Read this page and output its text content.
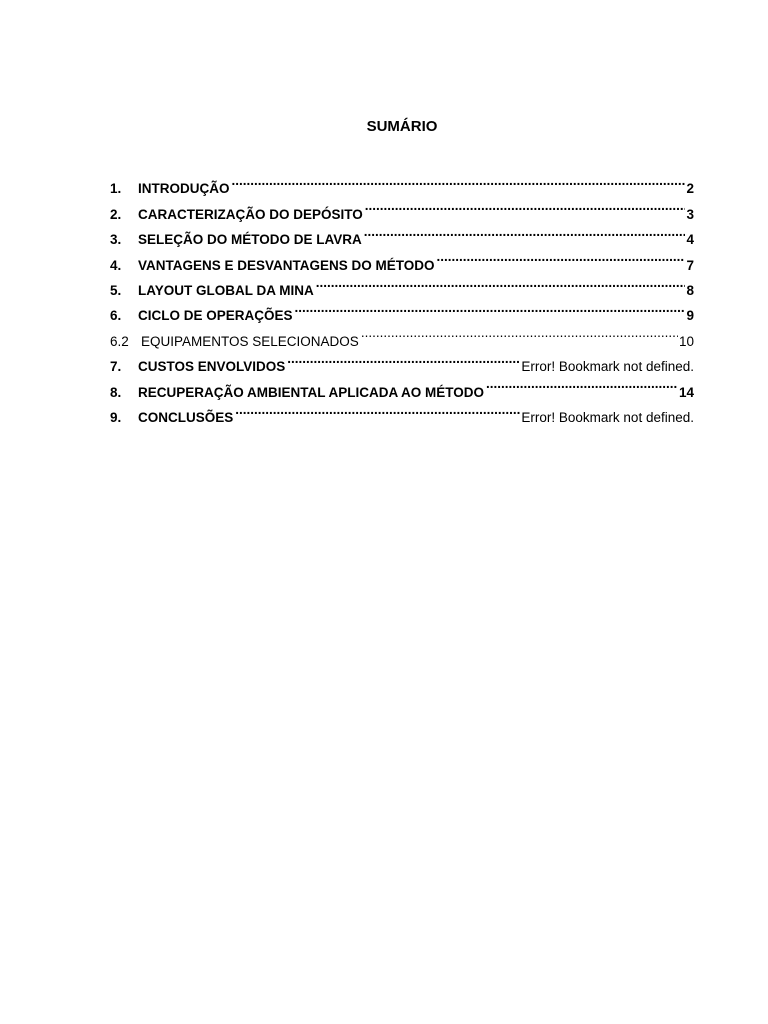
SUMÁRIO
1.	INTRODUÇÃO .....	2
2.	CARACTERIZAÇÃO DO DEPÓSITO .....	3
3.	SELEÇÃO DO MÉTODO DE LAVRA .....	4
4.	VANTAGENS E DESVANTAGENS DO MÉTODO .....	7
5.	LAYOUT GLOBAL DA MINA .....	8
6.	CICLO DE OPERAÇÕES .....	9
6.2 EQUIPAMENTOS SELECIONADOS .....	10
7.	CUSTOS ENVOLVIDOS .....	Error! Bookmark not defined.
8.	RECUPERAÇÃO AMBIENTAL APLICADA AO MÉTODO .....	14
9.	CONCLUSÕES .....	Error! Bookmark not defined.
